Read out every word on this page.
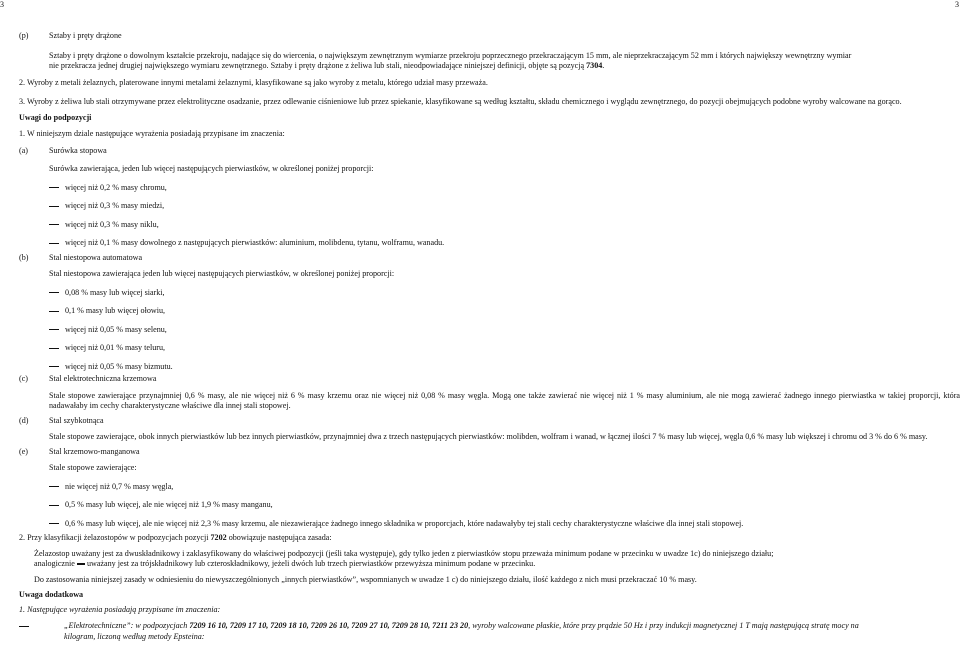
3	3

(p)	Sztaby i pręty drążone

Sztaby i pręty drążone o dowolnym kształcie przekroju, nadające się do wiercenia, o największym zewnętrznym wymiarze przekroju poprzecznego przekraczającym 15 mm, ale nieprzekraczającym 52 mm i których największy wewnętrzny wymiar

nie przekracza jednej drugiej największego wymiaru zewnętrznego. Sztaby i pręty drążone z żeliwa lub stali, nieodpowiadające niniejszej definicji, objęte są pozycją 7304.

2. Wyroby z metali żelaznych, platerowane innymi metalami żelaznymi, klasyfikowane są jako wyroby z metalu, którego udział masy przeważa.

3. Wyroby z żeliwa lub stali otrzymywane przez elektrolityczne osadzanie, przez odlewanie ciśnieniowe lub przez spiekanie, klasyfikowane są według kształtu, składu chemicznego i wyglądu zewnętrznego, do pozycji obejmujących podobne wyroby walcowane na gorąco.

Uwagi do podpozycji

1. W niniejszym dziale następujące wyrażenia posiadają przypisane im znaczenia:

(a)	Surówka stopowa

Surówka zawierająca, jeden lub więcej następujących pierwiastków, w określonej poniżej proporcji:

więcej niż 0,2 % masy chromu,

więcej niż 0,3 % masy miedzi,

więcej niż 0,3 % masy niklu,

więcej niż 0,1 % masy dowolnego z następujących pierwiastków: aluminium, molibdenu, tytanu, wolframu, wanadu.

(b)	Stal niestopowa automatowa

Stal niestopowa zawierająca jeden lub więcej następujących pierwiastków, w określonej poniżej proporcji:

0,08 % masy lub więcej siarki,

0,1 % masy lub więcej ołowiu,

więcej niż 0,05 % masy selenu,

więcej niż 0,01 % masy teluru,

więcej niż 0,05 % masy bizmutu.

(c)	Stal elektrotechniczna krzemowa

Stale stopowe zawierające przynajmniej 0,6 % masy, ale nie więcej niż 6 % masy krzemu oraz nie więcej niż 0,08 % masy węgla. Mogą one także zawierać nie więcej niż 1 % masy aluminium, ale nie mogą zawierać żadnego innego pierwiastka w takiej proporcji, która nadawałaby im cechy charakterystyczne właściwe dla innej stali stopowej.

(d)	Stal szybkotnąca

Stale stopowe zawierające, obok innych pierwiastków lub bez innych pierwiastków, przynajmniej dwa z trzech następujących pierwiastków: molibden, wolfram i wanad, w łącznej ilości 7 % masy lub więcej, węgla 0,6 % masy lub większej i chromu od 3 % do 6 % masy.

(e)	Stal krzemowo-manganowa

Stale stopowe zawierające:

nie więcej niż 0,7 % masy węgla,

0,5 % masy lub więcej, ale nie więcej niż 1,9 % masy manganu,

0,6 % masy lub więcej, ale nie więcej niż 2,3 % masy krzemu, ale niezawierające żadnego innego składnika w proporcjach, które nadawałyby tej stali cechy charakterystyczne właściwe dla innej stali stopowej.

2. Przy klasyfikacji żelazostopów w podpozycjach pozycji 7202 obowiązuje następująca zasada:

Żelazostop uważany jest za dwuskładnikowy i zaklasyfikowany do właściwej podpozycji (jeśli taka występuje), gdy tylko jeden z pierwiastków stopu przeważa minimum podane w przecinku w uwadze 1c) do niniejszego działu;

analogicznie  uważany jest za trójskładnikowy lub czteroskładnikowy, jeżeli dwóch lub trzech pierwiastków przewyższa minimum podane w przecinku.

Do zastosowania niniejszej zasady w odniesieniu do niewyszczególnionych „innych pierwiastków”, wspomnianych w uwadze 1 c) do niniejszego działu, ilość każdego z nich musi przekraczać 10 % masy.

Uwaga dodatkowa

1. Następujące wyrażenia posiadają przypisane im znaczenia:

„Elektrotechniczne”: w podpozycjach 7209 16 10, 7209 17 10, 7209 18 10, 7209 26 10, 7209 27 10, 7209 28 10, 7211 23 20, wyroby walcowane płaskie, które przy prądzie 50 Hz i przy indukcji magnetycznej 1 T mają następującą stratę mocy na
kilogram, liczoną według metody Epsteina:
